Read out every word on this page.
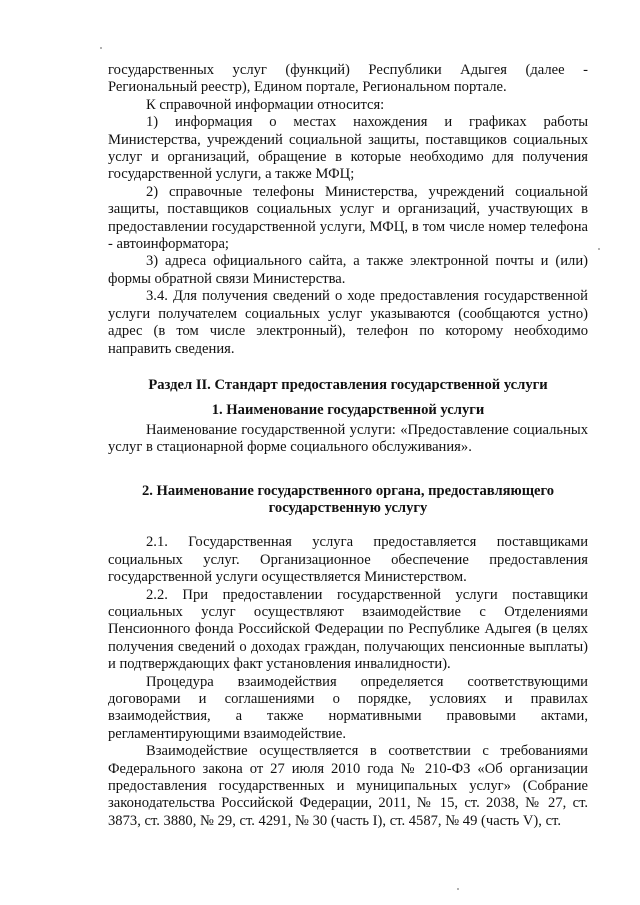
государственных услуг (функций) Республики Адыгея (далее - Региональный реестр), Едином портале, Региональном портале.

К справочной информации относится:

1) информация о местах нахождения и графиках работы Министерства, учреждений социальной защиты, поставщиков социальных услуг и организаций, обращение в которые необходимо для получения государственной услуги, а также МФЦ;

2) справочные телефоны Министерства, учреждений социальной защиты, поставщиков социальных услуг и организаций, участвующих в предоставлении государственной услуги, МФЦ, в том числе номер телефона - автоинформатора;

3) адреса официального сайта, а также электронной почты и (или) формы обратной связи Министерства.

3.4. Для получения сведений о ходе предоставления государственной услуги получателем социальных услуг указываются (сообщаются устно) адрес (в том числе электронный), телефон по которому необходимо направить сведения.

Раздел II. Стандарт предоставления государственной услуги
1. Наименование государственной услуги

Наименование государственной услуги: «Предоставление социальных услуг в стационарной форме социального обслуживания».

2. Наименование государственного органа, предоставляющего
государственную услугу

2.1. Государственная услуга предоставляется поставщиками социальных услуг. Организационное обеспечение предоставления государственной услуги осуществляется Министерством.

2.2. При предоставлении государственной услуги поставщики социальных услуг осуществляют взаимодействие с Отделениями Пенсионного фонда Российской Федерации по Республике Адыгея (в целях получения сведений о доходах граждан, получающих пенсионные выплаты) и подтверждающих факт установления инвалидности).

Процедура взаимодействия определяется соответствующими договорами и соглашениями о порядке, условиях и правилах взаимодействия, а также нормативными правовыми актами, регламентирующими взаимодействие.

Взаимодействие осуществляется в соответствии с требованиями Федерального закона от 27 июля 2010 года № 210-ФЗ «Об организации предоставления государственных и муниципальных услуг» (Собрание законодательства Российской Федерации, 2011, № 15, ст. 2038, № 27, ст. 3873, ст. 3880, № 29, ст. 4291, № 30 (часть I), ст. 4587, № 49 (часть V), ст.
